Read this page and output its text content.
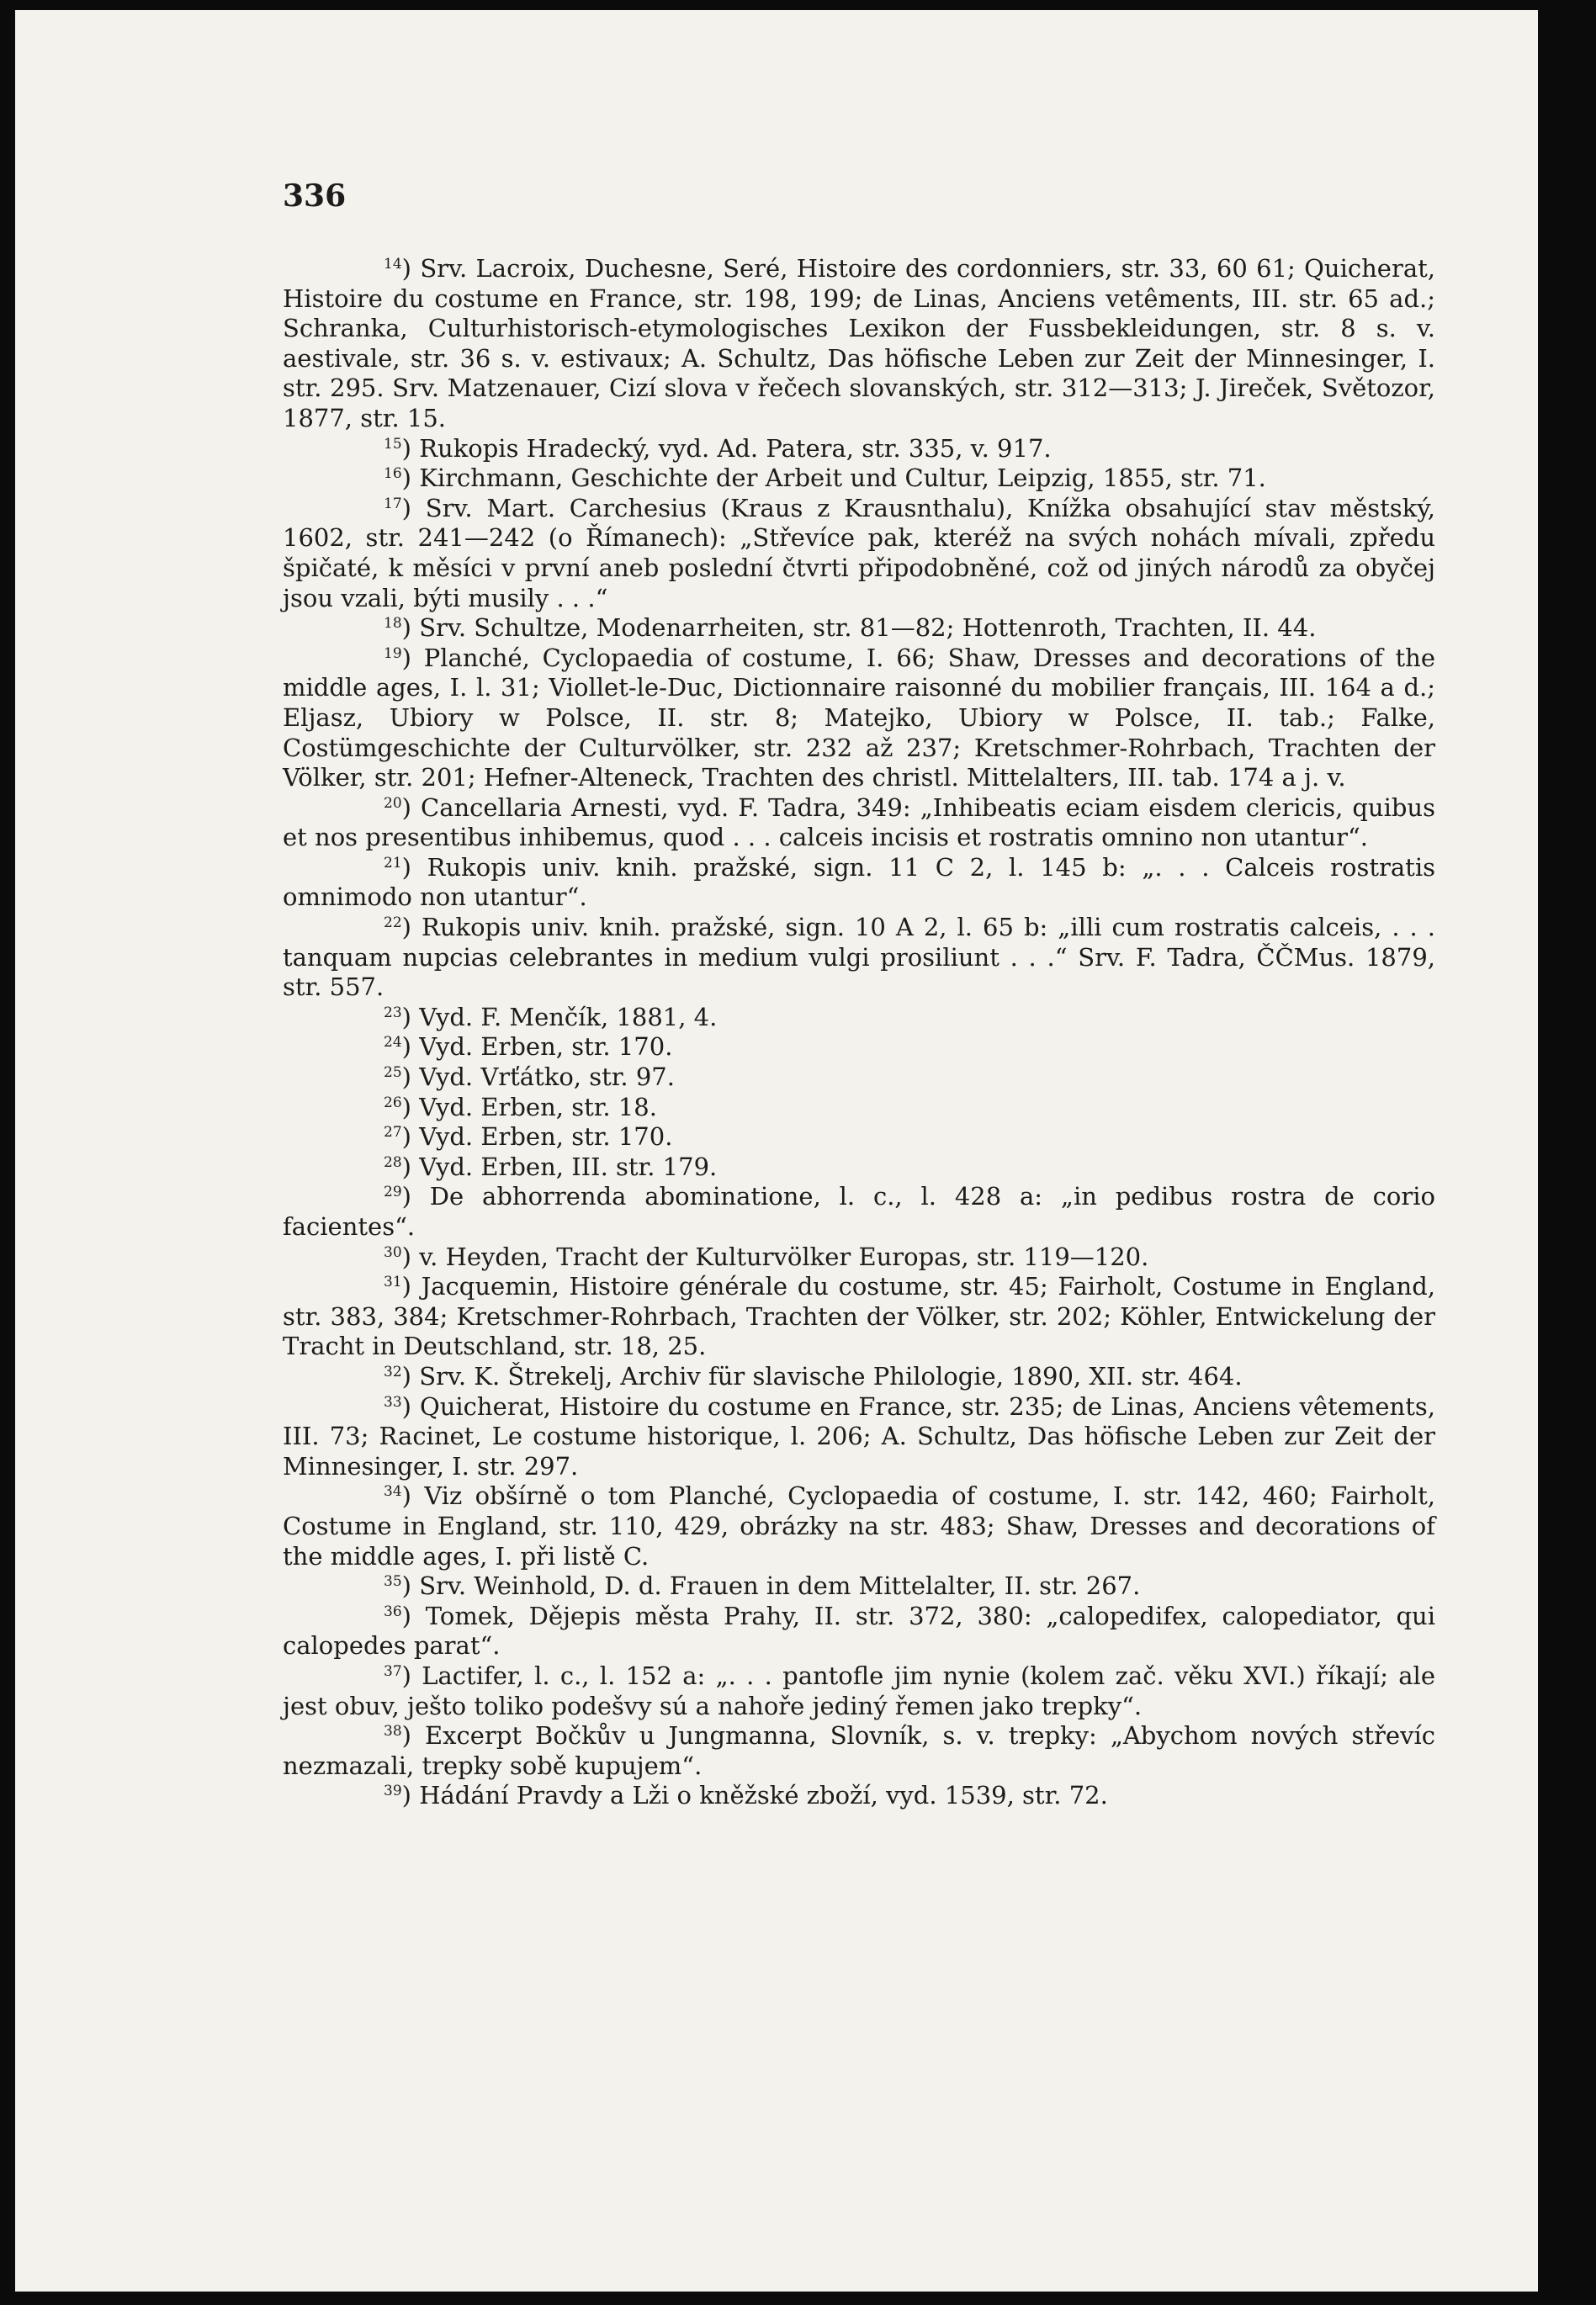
336

$^{14}$) Srv. Lacroix, Duchesne, Seré, Histoire des cordonniers, str. 33, 60 61; Quicherat, Histoire du costume en France, str. 198, 199; de Linas, Anciens vetêments, III. str. 65 ad.; Schranka, Culturhistorisch-etymologisches Lexikon der Fussbekleidungen, str. 8 s. v. aestivale, str. 36 s. v. estivaux; A. Schultz, Das höfische Leben zur Zeit der Minnesinger, I. str. 295. Srv. Matzenauer, Cizí slova v řečech slovanských, str. 312—313; J. Jireček, Světozor, 1877, str. 15.

$^{15}$) Rukopis Hradecký, vyd. Ad. Patera, str. 335, v. 917.

$^{16}$) Kirchmann, Geschichte der Arbeit und Cultur, Leipzig, 1855, str. 71.

$^{17}$) Srv. Mart. Carchesius (Kraus z Krausnthalu), Knížka obsahující stav městský, 1602, str. 241—242 (o Římanech): „Střevíce pak, kteréž na svých nohách mívali, zpředu špičaté, k měsíci v první aneb poslední čtvrti připodobněné, což od jiných národů za obyčej jsou vzali, býti musily . . .“

$^{18}$) Srv. Schultze, Modenarrheiten, str. 81—82; Hottenroth, Trachten, II. 44.

$^{19}$) Planché, Cyclopaedia of costume, I. 66; Shaw, Dresses and decorations of the middle ages, I. l. 31; Viollet-le-Duc, Dictionnaire raisonné du mobilier français, III. 164 a d.; Eljasz, Ubiory w Polsce, II. str. 8; Matejko, Ubiory w Polsce, II. tab.; Falke, Costümgeschichte der Culturvölker, str. 232 až 237; Kretschmer-Rohrbach, Trachten der Völker, str. 201; Hefner-Alteneck, Trachten des christl. Mittelalters, III. tab. 174 a j. v.

$^{20}$) Cancellaria Arnesti, vyd. F. Tadra, 349: „Inhibeatis eciam eisdem clericis, quibus et nos presentibus inhibemus, quod . . . calceis incisis et rostratis omnino non utantur“.

$^{21}$) Rukopis univ. knih. pražské, sign. 11 C 2, l. 145 b: „. . . Calceis rostratis omnimodo non utantur“.

$^{22}$) Rukopis univ. knih. pražské, sign. 10 A 2, l. 65 b: „illi cum rostratis calceis, . . . tanquam nupcias celebrantes in medium vulgi prosiliunt . . .“ Srv. F. Tadra, ČČMus. 1879, str. 557.

$^{23}$) Vyd. F. Menčík, 1881, 4.

$^{24}$) Vyd. Erben, str. 170.

$^{25}$) Vyd. Vrťátko, str. 97.

$^{26}$) Vyd. Erben, str. 18.

$^{27}$) Vyd. Erben, str. 170.

$^{28}$) Vyd. Erben, III. str. 179.

$^{29}$) De abhorrenda abominatione, l. c., l. 428 a: „in pedibus rostra de corio facientes“.

$^{30}$) v. Heyden, Tracht der Kulturvölker Europas, str. 119—120.

$^{31}$) Jacquemin, Histoire générale du costume, str. 45; Fairholt, Costume in England, str. 383, 384; Kretschmer-Rohrbach, Trachten der Völker, str. 202; Köhler, Entwickelung der Tracht in Deutschland, str. 18, 25.

$^{32}$) Srv. K. Štrekelj, Archiv für slavische Philologie, 1890, XII. str. 464.

$^{33}$) Quicherat, Histoire du costume en France, str. 235; de Linas, Anciens vêtements, III. 73; Racinet, Le costume historique, l. 206; A. Schultz, Das höfische Leben zur Zeit der Minnesinger, I. str. 297.

$^{34}$) Viz obšírně o tom Planché, Cyclopaedia of costume, I. str. 142, 460; Fairholt, Costume in England, str. 110, 429, obrázky na str. 483; Shaw, Dresses and decorations of the middle ages, I. při listě C.

$^{35}$) Srv. Weinhold, D. d. Frauen in dem Mittelalter, II. str. 267.

$^{36}$) Tomek, Dějepis města Prahy, II. str. 372, 380: „calopedifex, calopediator, qui calopedes parat“.

$^{37}$) Lactifer, l. c., l. 152 a: „. . . pantofle jim nynie (kolem zač. věku XVI.) říkají; ale jest obuv, ješto toliko podešvy sú a nahoře jediný řemen jako trepky“.

$^{38}$) Excerpt Bočkův u Jungmanna, Slovník, s. v. trepky: „Abychom nových střevíc nezmazali, trepky sobě kupujem“.

$^{39}$) Hádání Pravdy a Lži o kněžské zboží, vyd. 1539, str. 72.
